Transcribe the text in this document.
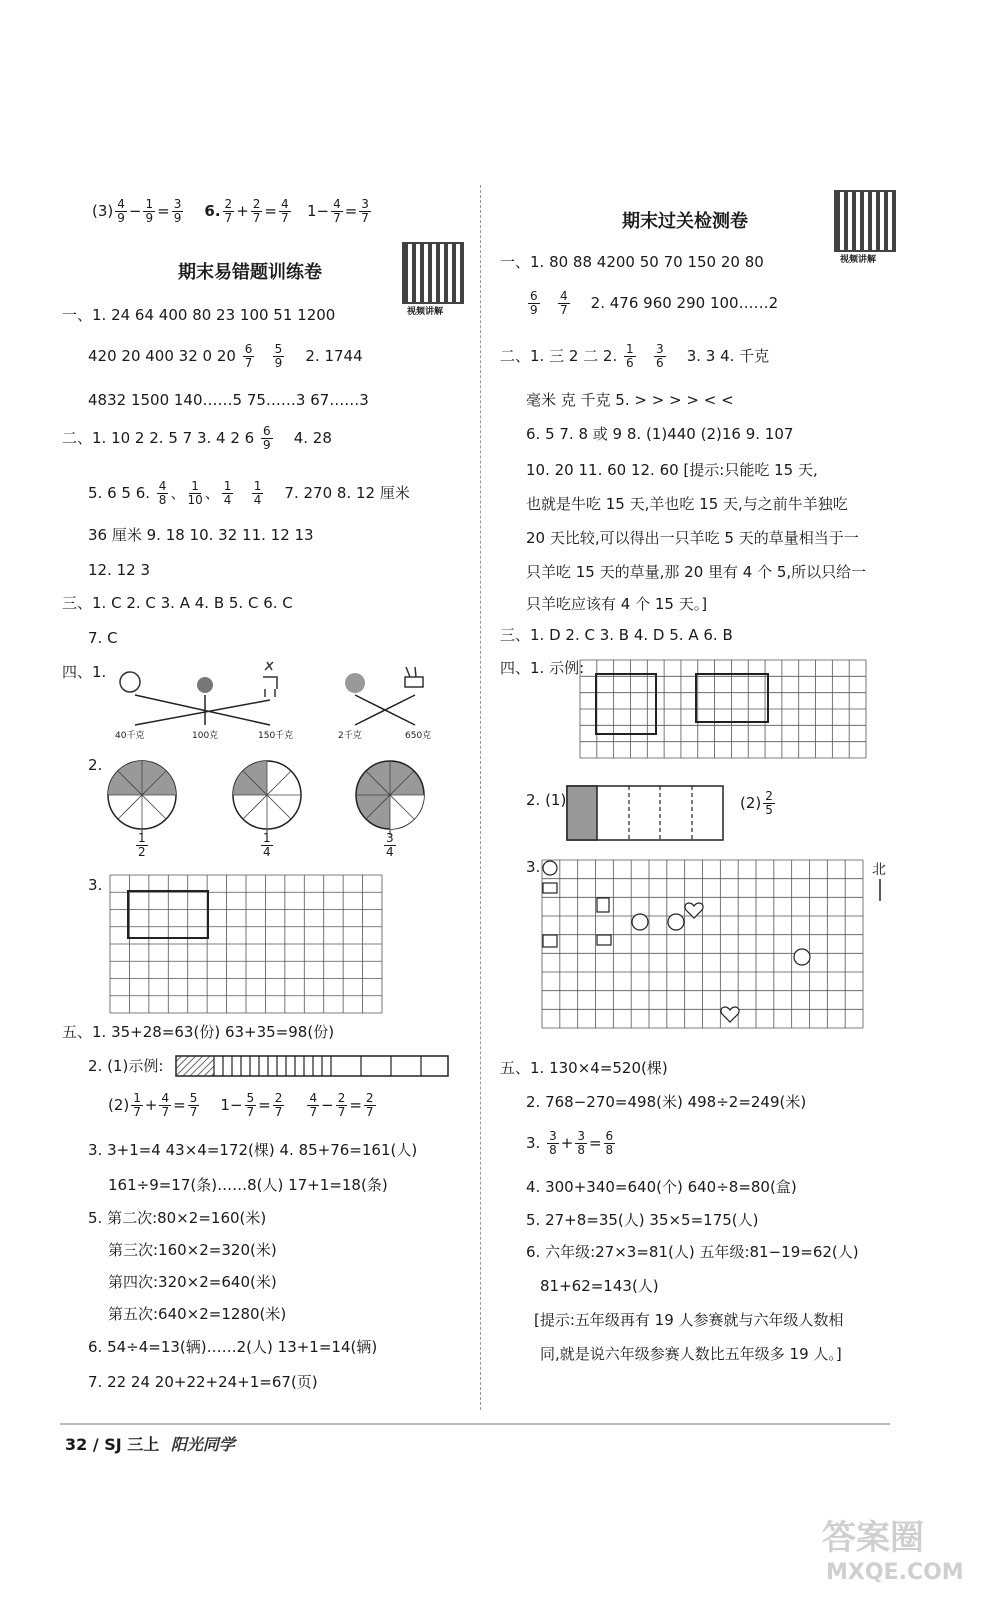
$(3) \frac{4}{9} - \frac{1}{9} = \frac{3}{9} 6$. $\frac{2}{7} + \frac{2}{7} = \frac{4}{7} 1- \frac{4}{7} = \frac{3}{7}$
期末易错题训练卷
视频讲解
一、1. 24 64 400 80 23 100 51 1200
420 20 400 32 0 $20 \frac{6}{7}$
$\frac{5}{9} 2$. 1744
4832 1500 140……5 75……3 67……3
二、1. 10 2 2. 5 7 3. 4 2 $6 \frac{6}{9} 4$. 28
5. 6 5 6. $\frac{4}{8}$ 、 $\frac{1}{10}$ 、 $\frac{1}{4}$
$\frac{1}{4} 7$. 270 8. 12 厘米
36 厘米 9. 18 10. 32 11. 12 13
12. 12 3
三、1. C 2. C 3. A 4. B 5. C 6. C
7. C
四、1.
40千克	100克	150千克	2千克	650克
2.
$\frac{1}{2}$	$\frac{1}{4}$	$\frac{3}{4}$
3.
五、1. 35+28=63(份) 63+35=98(份)
2. (1)示例:
$(2) \frac{1}{7} + \frac{4}{7} = \frac{5}{7} 1- \frac{5}{7} = \frac{2}{7}$
$\frac{4}{7} - \frac{2}{7} = \frac{2}{7}$
3. 3+1=4 43×4=172(棵) 4. 85+76=161(人)
161÷9=17(条)……8(人) 17+1=18(条)
5. 第二次:80×2=160(米)
第三次:160×2=320(米)
第四次:320×2=640(米)
第五次:640×2=1280(米)
6. 54÷4=13(辆)……2(人) 13+1=14(辆)
7. 22 24 20+22+24+1=67(页)
期末过关检测卷
视频讲解
一、1. 80 88 4200 50 70 150 20 80
$\frac{6}{9}$
$\frac{4}{7} 2$. 476 960 290 100……2
二、1. 三 2 二 2. $\frac{1}{6}$
$\frac{3}{6} 3$. 3 4. 千克
毫米 克 千克 5. > > > > < <
6. 5 7. 8 或 9 8. (1)440 (2)16 9. 107
10. 20 11. 60 12. 60 [提示:只能吃 15 天,
也就是牛吃 15 天,羊也吃 15 天,与之前牛羊独吃
20 天比较,可以得出一只羊吃 5 天的草量相当于一
只羊吃 15 天的草量,那 20 里有 4 个 5,所以只给一
只羊吃应该有 4 个 15 天。]
三、1. D 2. C 3. B 4. D 5. A 6. B
四、1. 示例:
2. (1)	$(2) \frac{2}{5}$
3.	北
五、1. 130×4=520(棵)
2. 768−270=498(米) 498÷2=249(米)
3. $\frac{3}{8} + \frac{3}{8} = \frac{6}{8}$
4. 300+340=640(个) 640÷8=80(盒)
5. 27+8=35(人) 35×5=175(人)
6. 六年级:27×3=81(人) 五年级:81−19=62(人)
81+62=143(人)
[提示:五年级再有 19 人参赛就与六年级人数相
同,就是说六年级参赛人数比五年级多 19 人。]
32 / SJ 三上 阳光同学
答案圈
MXQE.COM
